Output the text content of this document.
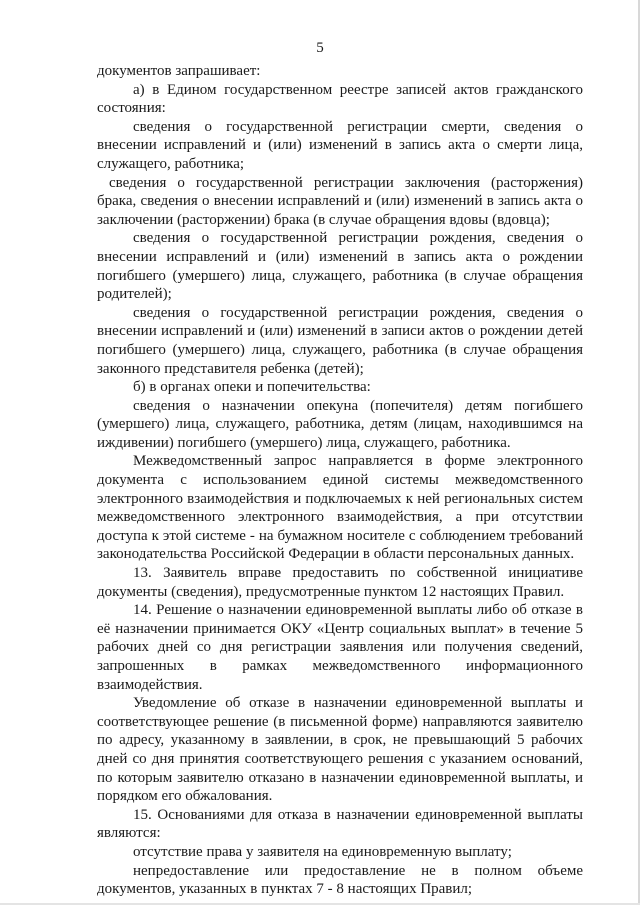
5

документов запрашивает:

а) в Едином государственном реестре записей актов гражданского состояния:

сведения о государственной регистрации смерти, сведения о внесении исправлений и (или) изменений в запись акта о смерти лица, служащего, работника;

сведения о государственной регистрации заключения (расторжения) брака, сведения о внесении исправлений и (или) изменений в запись акта о заключении (расторжении) брака (в случае обращения вдовы (вдовца);

сведения о государственной регистрации рождения, сведения о внесении исправлений и (или) изменений в запись акта о рождении погибшего (умершего) лица, служащего, работника (в случае обращения родителей);

сведения о государственной регистрации рождения, сведения о внесении исправлений и (или) изменений в записи актов о рождении детей погибшего (умершего) лица, служащего, работника (в случае обращения законного представителя ребенка (детей);

б) в органах опеки и попечительства:

сведения о назначении опекуна (попечителя) детям погибшего (умершего) лица, служащего, работника, детям (лицам, находившимся на иждивении) погибшего (умершего) лица, служащего, работника.

Межведомственный запрос направляется в форме электронного документа с использованием единой системы межведомственного электронного взаимодействия и подключаемых к ней региональных систем межведомственного электронного взаимодействия, а при отсутствии доступа к этой системе - на бумажном носителе с соблюдением требований законодательства Российской Федерации в области персональных данных.

13. Заявитель вправе предоставить по собственной инициативе документы (сведения), предусмотренные пунктом 12 настоящих Правил.

14. Решение о назначении единовременной выплаты либо об отказе в её назначении принимается ОКУ «Центр социальных выплат» в течение 5 рабочих дней со дня регистрации заявления или получения сведений, запрошенных в рамках межведомственного информационного взаимодействия.

Уведомление об отказе в назначении единовременной выплаты и соответствующее решение (в письменной форме) направляются заявителю по адресу, указанному в заявлении, в срок, не превышающий 5 рабочих дней со дня принятия соответствующего решения с указанием оснований, по которым заявителю отказано в назначении единовременной выплаты, и порядком его обжалования.

15. Основаниями для отказа в назначении единовременной выплаты являются:

отсутствие права у заявителя на единовременную выплату;

непредоставление или предоставление не в полном объеме документов, указанных в пунктах 7 - 8 настоящих Правил;
